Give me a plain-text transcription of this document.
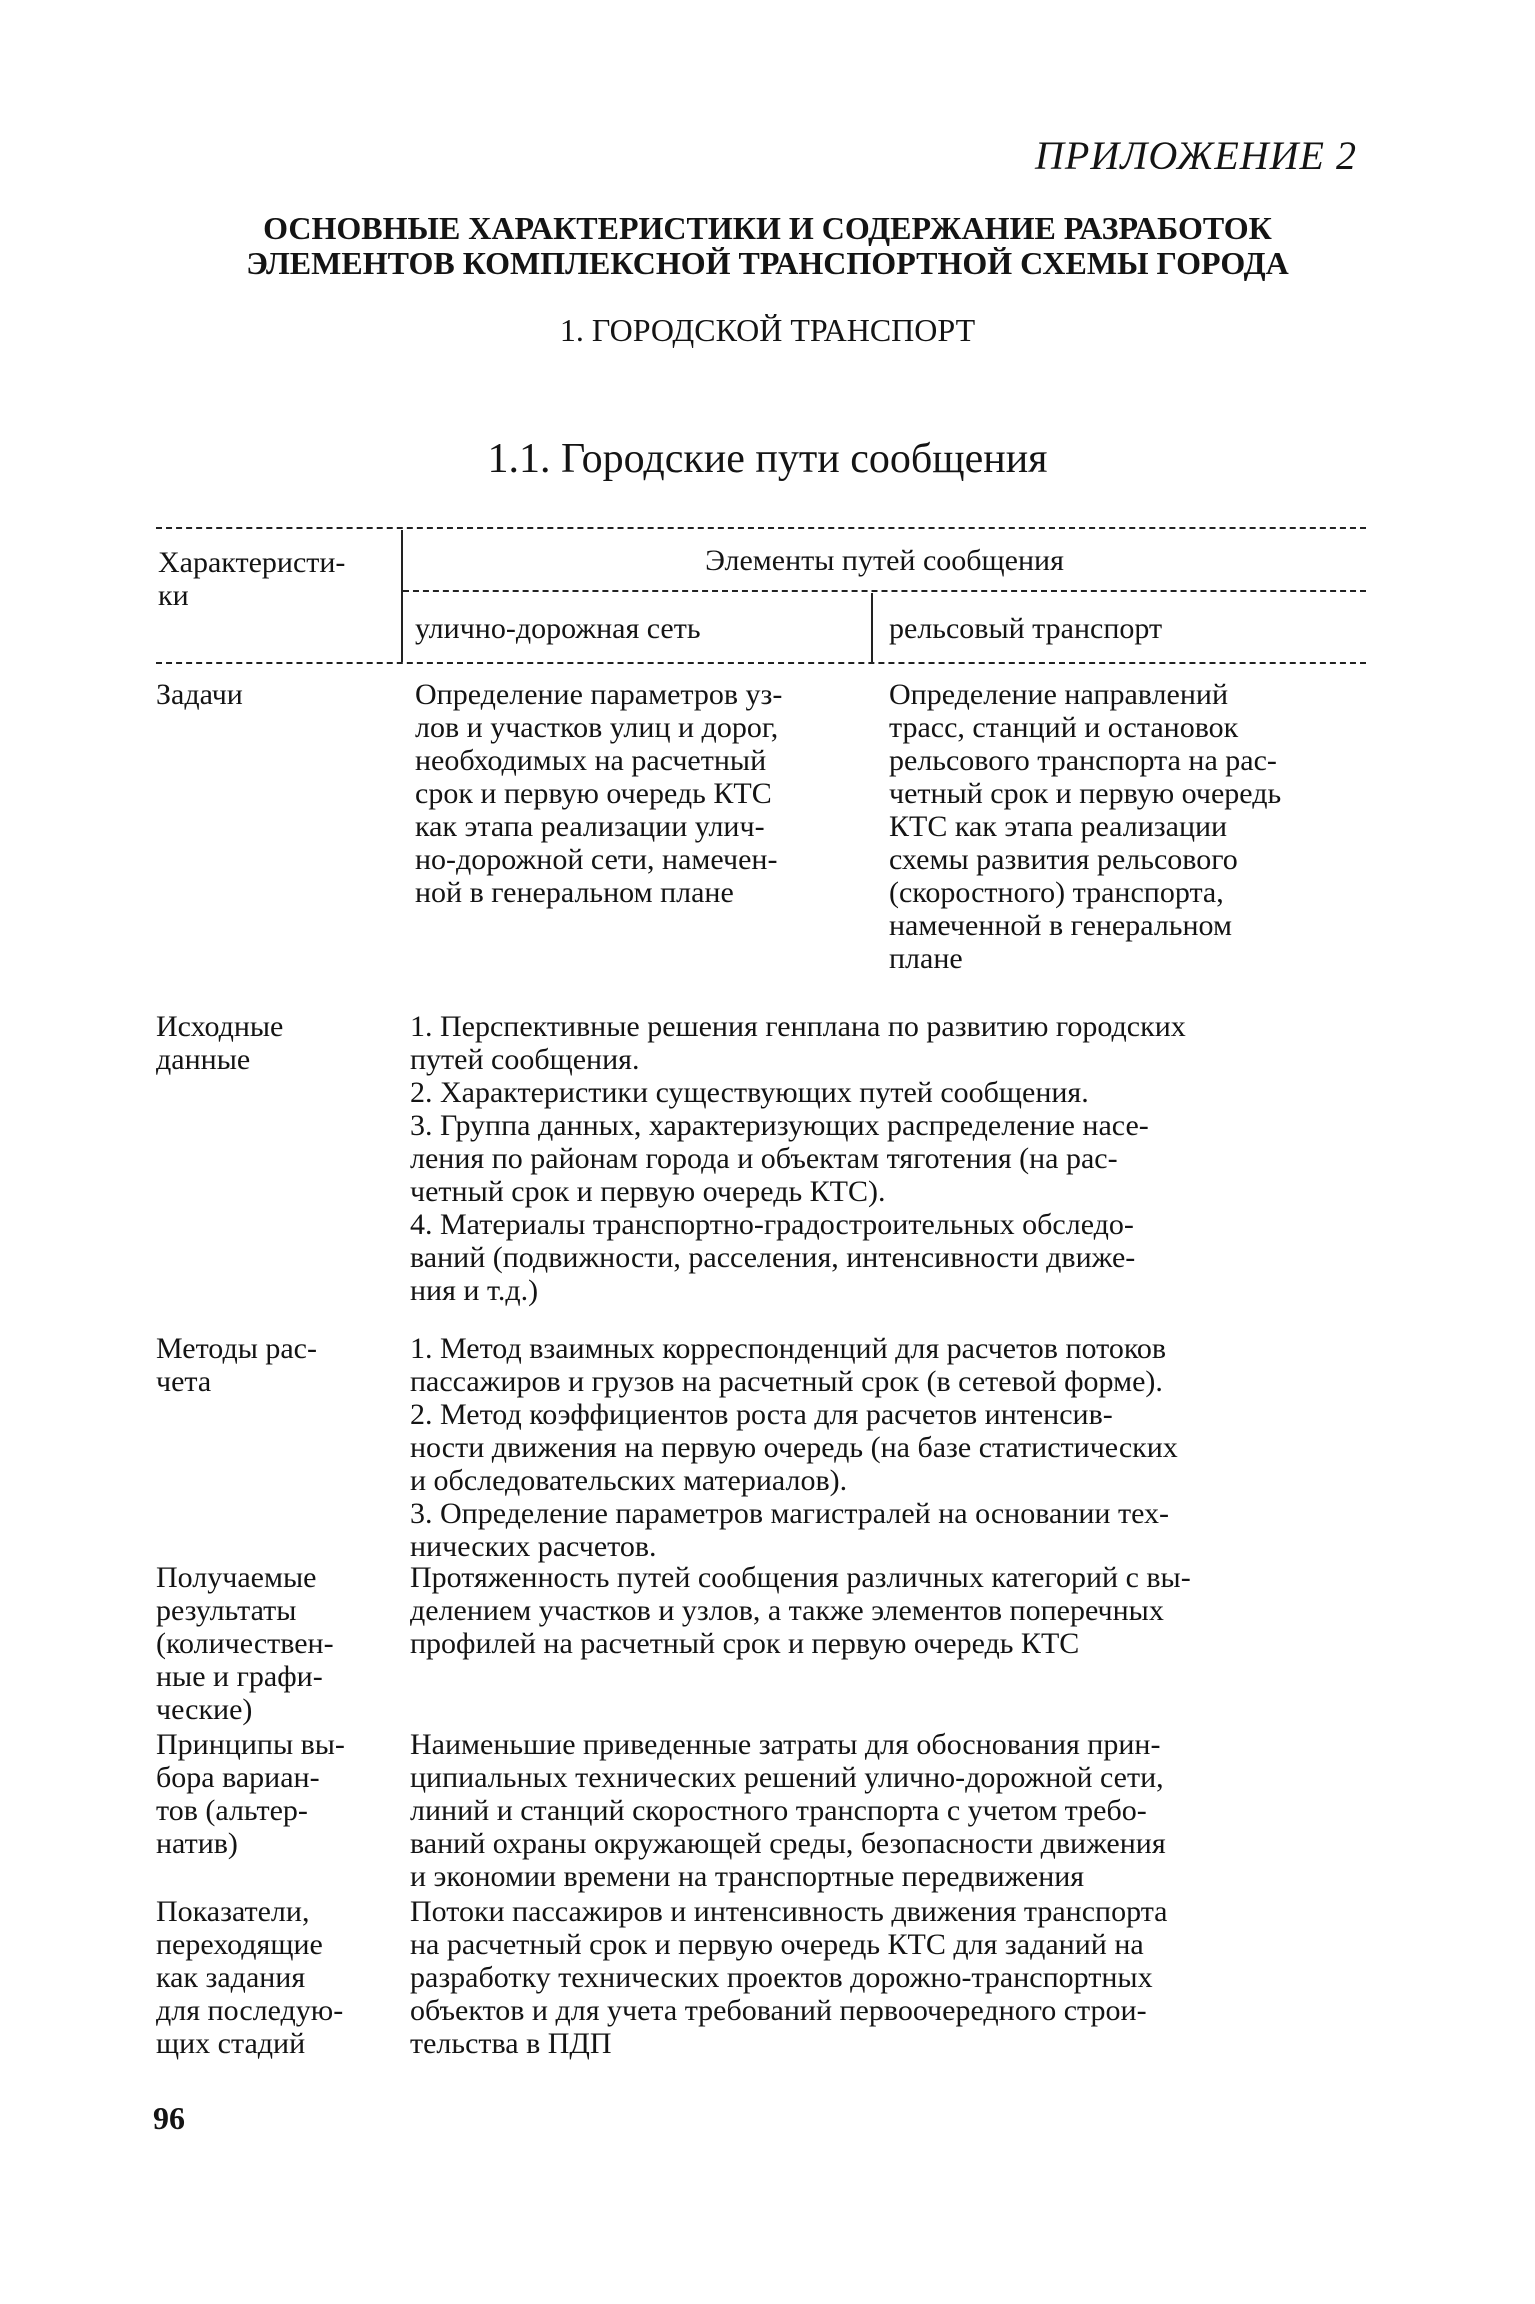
ПРИЛОЖЕНИЕ 2
ОСНОВНЫЕ ХАРАКТЕРИСТИКИ И СОДЕРЖАНИЕ РАЗРАБОТОК
ЭЛЕМЕНТОВ КОМПЛЕКСНОЙ ТРАНСПОРТНОЙ СХЕМЫ ГОРОДА
1. ГОРОДСКОЙ ТРАНСПОРТ
1.1. Городские пути сообщения
Характеристи-
ки
Элементы путей сообщения
улично-дорожная сеть	рельсовый транспорт
Задачи	Определение параметров уз-
лов и участков улиц и дорог,
необходимых на расчетный
срок и первую очередь КТС
как этапа реализации улич-
но-дорожной сети, намечен-
ной в генеральном плане
Определение направлений
трасс, станций и остановок
рельсового транспорта на рас-
четный срок и первую очередь
КТС как этапа реализации
схемы развития рельсового
(скоростного) транспорта,
намеченной в генеральном
плане
Исходные
данные
1. Перспективные решения генплана по развитию городских
путей сообщения.
2. Характеристики существующих путей сообщения.
3. Группа данных, характеризующих распределение насе-
ления по районам города и объектам тяготения (на рас-
четный срок и первую очередь КТС).
4. Материалы транспортно-градостроительных обследо-
ваний (подвижности, расселения, интенсивности движе-
ния и т.д.)
Методы рас-
чета
1. Метод взаимных корреспонденций для расчетов потоков
пассажиров и грузов на расчетный срок (в сетевой форме).
2. Метод коэффициентов роста для расчетов интенсив-
ности движения на первую очередь (на базе статистических
и обследовательских материалов).
3. Определение параметров магистралей на основании тех-
нических расчетов.
Получаемые
результаты
(количествен-
ные и графи-
ческие)
Протяженность путей сообщения различных категорий с вы-
делением участков и узлов, а также элементов поперечных
профилей на расчетный срок и первую очередь КТС
Принципы вы-
бора вариан-
тов (альтер-
натив)
Наименьшие приведенные затраты для обоснования прин-
ципиальных технических решений улично-дорожной сети,
линий и станций скоростного транспорта с учетом требо-
ваний охраны окружающей среды, безопасности движения
и экономии времени на транспортные передвижения
Показатели,
переходящие
как задания
для последую-
щих стадий
Потоки пассажиров и интенсивность движения транспорта
на расчетный срок и первую очередь КТС для заданий на
разработку технических проектов дорожно-транспортных
объектов и для учета требований первоочередного строи-
тельства в ПДП
96
